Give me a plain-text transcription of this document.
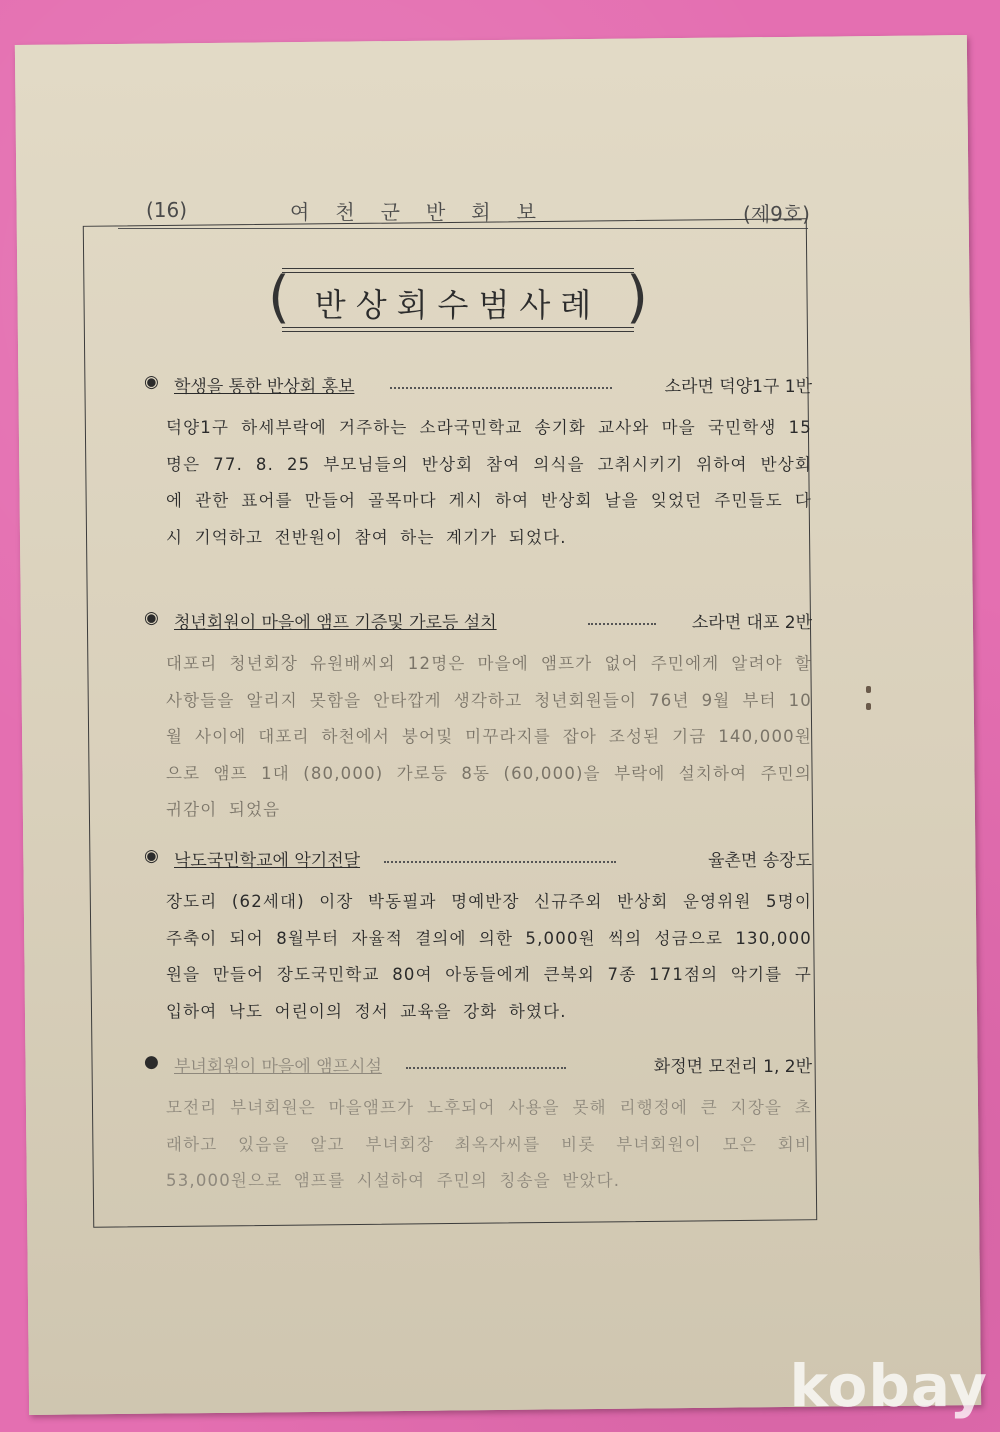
(16)	여천군반회보	(제9호)
(	)
반상회수범사례
◉ 학생을 통한 반상회 홍보	소라면 덕양1구 1반
덕양1구 하세부락에 거주하는 소라국민학교 송기화 교사와 마을 국민학생 15명은 77. 8. 25 부모님들의 반상회 참여 의식을 고취시키기 위하여 반상회에 관한 표어를 만들어 골목마다 게시 하여 반상회 날을 잊었던 주민들도 다시 기억하고 전반원이 참여 하는 계기가 되었다.
◉ 청년회원이 마을에 앰프 기증및 가로등 설치	소라면 대포 2반
대포리 청년회장 유원배씨외 12명은 마을에 앰프가 없어 주민에게 알려야 할 사항들을 알리지 못함을 안타깝게 생각하고 청년회원들이 76년 9월 부터 10월 사이에 대포리 하천에서 붕어및 미꾸라지를 잡아 조성된 기금 140,000원으로 앰프 1대 (80,000) 가로등 8동 (60,000)을 부락에 설치하여 주민의 귀감이 되었음
◉ 낙도국민학교에 악기전달	율촌면 송장도
장도리 (62세대) 이장 박동필과 명예반장 신규주외 반상회 운영위원 5명이 주축이 되어 8월부터 자율적 결의에 의한 5,000원 씩의 성금으로 130,000원을 만들어 장도국민학교 80여 아동들에게 큰북외 7종 171점의 악기를 구입하여 낙도 어린이의 정서 교육을 강화 하였다.
● 부녀회원이 마을에 앰프시설	화정면 모전리 1, 2반
모전리 부녀회원은 마을앰프가 노후되어 사용을 못해 리행정에 큰 지장을 초래하고 있음을 알고 부녀회장 최옥자씨를 비롯 부녀회원이 모은 회비 53,000원으로 앰프를 시설하여 주민의 칭송을 받았다.
kobay
